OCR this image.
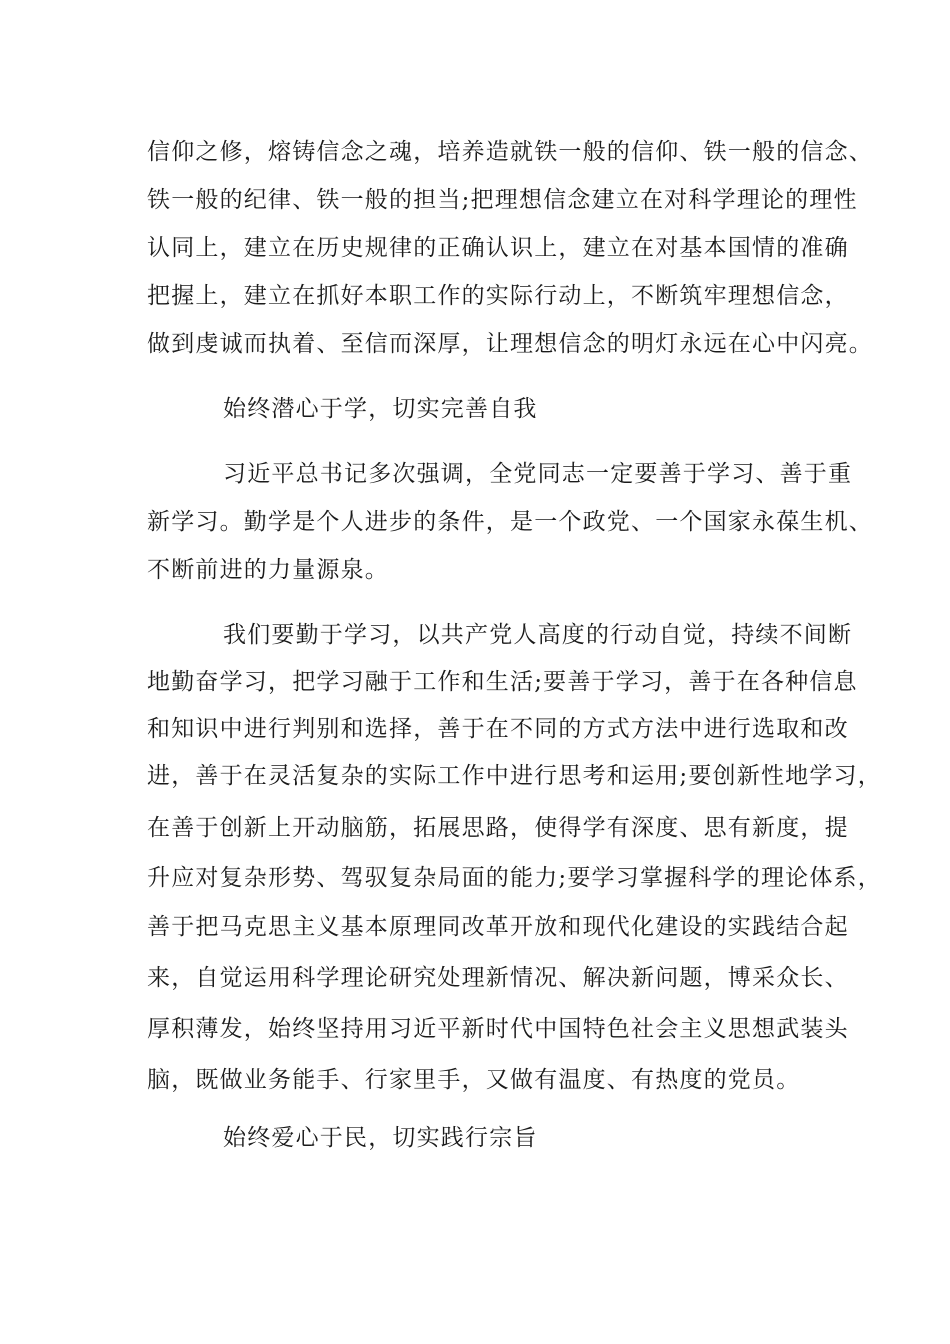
信仰之修，熔铸信念之魂，培养造就铁一般的信仰、铁一般的信念、
铁一般的纪律、铁一般的担当;把理想信念建立在对科学理论的理性
认同上，建立在历史规律的正确认识上，建立在对基本国情的准确
把握上，建立在抓好本职工作的实际行动上，不断筑牢理想信念，
做到虔诚而执着、至信而深厚，让理想信念的明灯永远在心中闪亮。
始终潜心于学，切实完善自我
习近平总书记多次强调，全党同志一定要善于学习、善于重
新学习。勤学是个人进步的条件，是一个政党、一个国家永葆生机、
不断前进的力量源泉。
我们要勤于学习，以共产党人高度的行动自觉，持续不间断
地勤奋学习，把学习融于工作和生活;要善于学习，善于在各种信息
和知识中进行判别和选择，善于在不同的方式方法中进行选取和改
进，善于在灵活复杂的实际工作中进行思考和运用;要创新性地学习，
在善于创新上开动脑筋，拓展思路，使得学有深度、思有新度，提
升应对复杂形势、驾驭复杂局面的能力;要学习掌握科学的理论体系，
善于把马克思主义基本原理同改革开放和现代化建设的实践结合起
来，自觉运用科学理论研究处理新情况、解决新问题，博采众长、
厚积薄发，始终坚持用习近平新时代中国特色社会主义思想武装头
脑，既做业务能手、行家里手，又做有温度、有热度的党员。
始终爱心于民，切实践行宗旨
